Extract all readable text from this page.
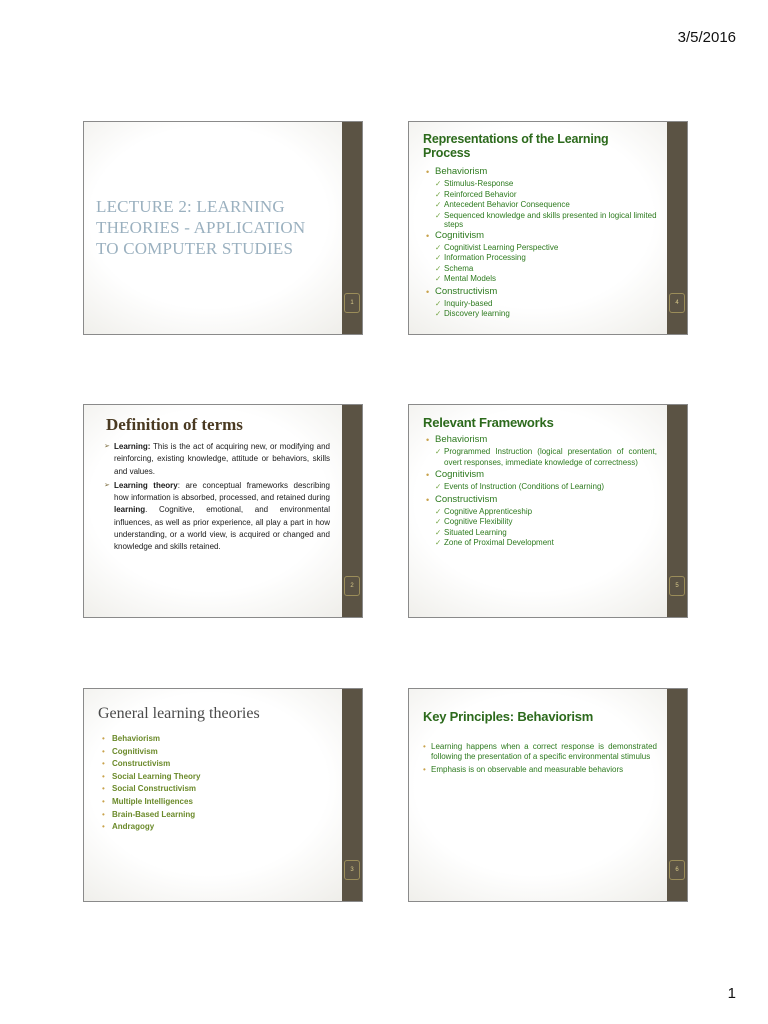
3/5/2016
LECTURE 2: LEARNING THEORIES - APPLICATION TO COMPUTER STUDIES
1
Representations of the Learning Process
• Behaviorism
✓ Stimulus-Response
✓ Reinforced Behavior
✓ Antecedent Behavior Consequence
✓ Sequenced knowledge and skills presented in logical limited steps
• Cognitivism
✓ Cognitivist Learning Perspective
✓ Information Processing
✓ Schema
✓ Mental Models
• Constructivism
✓ Inquiry-based
✓ Discovery learning
4
Definition of terms
➢ Learning: This is the act of acquiring new, or modifying and reinforcing, existing knowledge, attitude or behaviors, skills and values.
➢ Learning theory: are conceptual frameworks describing how information is absorbed, processed, and retained during learning. Cognitive, emotional, and environmental influences, as well as prior experience, all play a part in how understanding, or a world view, is acquired or changed and knowledge and skills retained.
2
Relevant Frameworks
• Behaviorism
✓ Programmed Instruction (logical presentation of content, overt responses, immediate knowledge of correctness)
• Cognitivism
✓ Events of Instruction (Conditions of Learning)
• Constructivism
✓ Cognitive Apprenticeship
✓ Cognitive Flexibility
✓ Situated Learning
✓ Zone of Proximal Development
5
General learning theories
• Behaviorism
• Cognitivism
• Constructivism
• Social Learning Theory
• Social Constructivism
• Multiple Intelligences
• Brain-Based Learning
• Andragogy
3
Key Principles: Behaviorism
• Learning happens when a correct response is demonstrated following the presentation of a specific environmental stimulus
• Emphasis is on observable and measurable behaviors
6
1
